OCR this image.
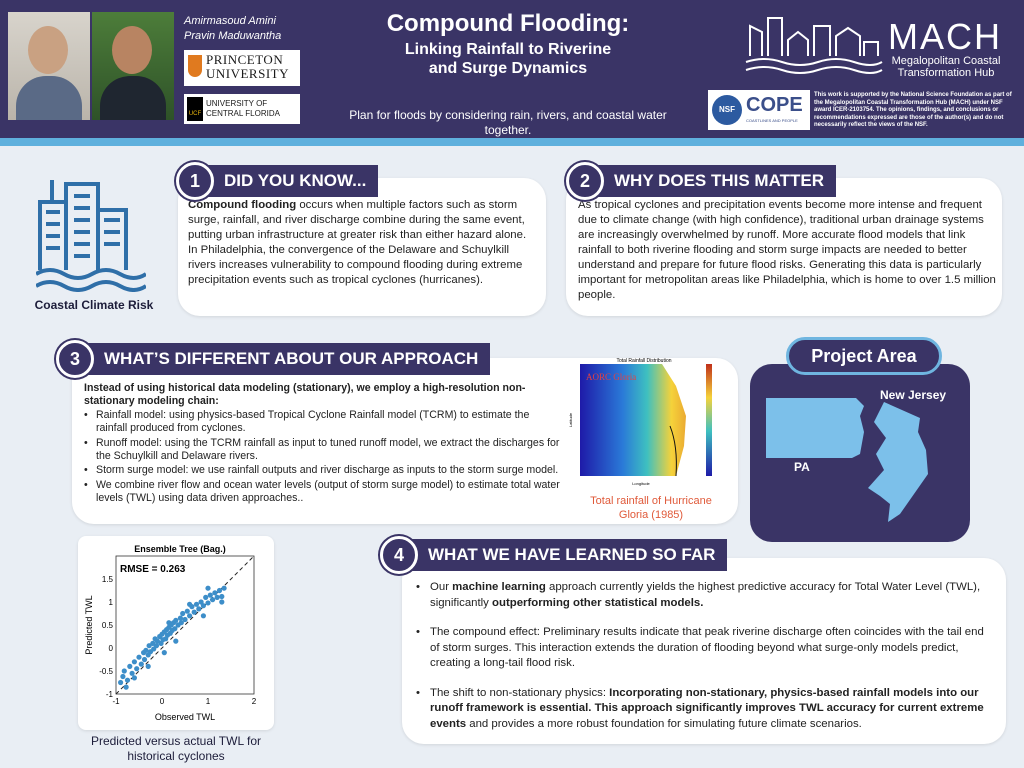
Amirmasoud Amini
Pravin Maduwantha
PRINCETON
UNIVERSITY
UCF
UNIVERSITY OF
CENTRAL FLORIDA
Compound Flooding:
Linking Rainfall to Riverine
and Surge Dynamics
Plan for floods by considering rain, rivers, and coastal water together.
MACH
Megalopolitan Coastal
Transformation Hub
NSF COPE
COASTLINES AND PEOPLE
This work is supported by the National Science Foundation as part of the Megalopolitan Coastal Transformation Hub (MACH) under NSF award ICER-2103754. The opinions, findings, and conclusions or recommendations expressed are those of the author(s) and do not necessarily reflect the views of the NSF.
Coastal Climate Risk
1	DID YOU KNOW...
Compound flooding occurs when multiple factors such as storm surge, rainfall, and river discharge combine during the same event, putting urban infrastructure at greater risk than either hazard alone. In Philadelphia, the convergence of the Delaware and Schuylkill rivers increases vulnerability to compound flooding during extreme precipitation events such as tropical cyclones (hurricanes).
2	WHY DOES THIS MATTER
As tropical cyclones and precipitation events become more intense and frequent due to climate change (with high confidence), traditional urban drainage systems are increasingly overwhelmed by runoff. More accurate flood models that link rainfall to both riverine flooding and storm surge impacts are needed to better understand and prepare for future flood risks. Generating this data is particularly important for metropolitan areas like Philadelphia, which is home to over 1.5 million people.
3	WHAT’S DIFFERENT ABOUT OUR APPROACH
Instead of using historical data modeling (stationary), we employ a high-resolution non-stationary modeling chain:
• Rainfall model: using physics-based Tropical Cyclone Rainfall model (TCRM) to estimate the rainfall produced from cyclones.
• Runoff model: using the TCRM rainfall as input to tuned runoff model, we extract the discharges for the Schuylkill and Delaware rivers.
• Storm surge model: we use rainfall outputs and river discharge as inputs to the storm surge model.
• We combine river flow and ocean water levels (output of storm surge model) to estimate total water levels (TWL) using data driven approaches..
Total Rainfall Distribution
AORC Gloria
Longitude
Latitude
Total rainfall of Hurricane
Gloria (1985)
Project Area
New Jersey
PA
Ensemble Tree (Bag.)
RMSE = 0.263
-1	0	1	2
-1
-0.5
0
0.5
1
1.5
Observed TWL
Predicted TWL
Predicted versus actual TWL for
historical cyclones
4	WHAT WE HAVE LEARNED SO FAR
• Our machine learning approach currently yields the highest predictive accuracy for Total Water Level (TWL), significantly outperforming other statistical models.
• The compound effect: Preliminary results indicate that peak riverine discharge often coincides with the tail end of storm surges. This interaction extends the duration of flooding beyond what surge-only models predict, creating a long-tail flood risk.
• The shift to non-stationary physics: Incorporating non-stationary, physics-based rainfall models into our runoff framework is essential. This approach significantly improves TWL accuracy for current extreme events and provides a more robust foundation for simulating future climate scenarios.
